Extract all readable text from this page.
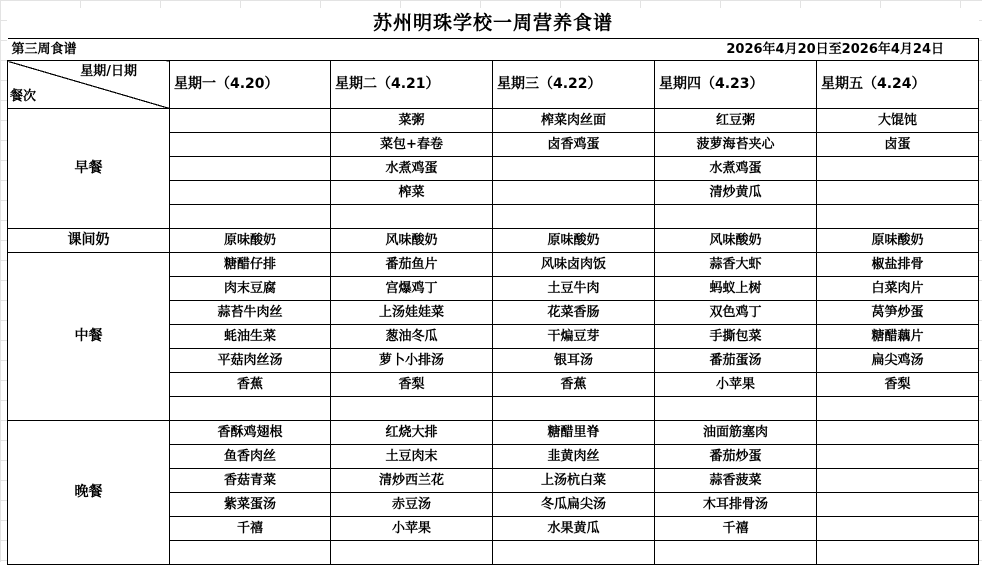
苏州明珠学校一周营养食谱					
第三周食谱		2026年4月20日至2026年4月24日			

星期/日期
餐次	星期一（4.20）	星期二（4.21）	星期三（4.22）	星期四（4.23）	星期五（4.24）
早餐		菜粥	榨菜肉丝面	红豆粥	大馄饨
		菜包+春卷	卤香鸡蛋	菠萝海苔夹心	卤蛋
		水煮鸡蛋		水煮鸡蛋	
		榨菜		清炒黄瓜	

课间奶	原味酸奶	风味酸奶	原味酸奶	风味酸奶	原味酸奶
中餐	糖醋仔排	番茄鱼片	风味卤肉饭	蒜香大虾	椒盐排骨
	肉末豆腐	宫爆鸡丁	土豆牛肉	蚂蚁上树	白菜肉片
	蒜苔牛肉丝	上汤娃娃菜	花菜香肠	双色鸡丁	莴笋炒蛋
	蚝油生菜	葱油冬瓜	干煸豆芽	手撕包菜	糖醋藕片
	平菇肉丝汤	萝卜小排汤	银耳汤	番茄蛋汤	扁尖鸡汤
	香蕉	香梨	香蕉	小苹果	香梨

晚餐	香酥鸡翅根	红烧大排	糖醋里脊	油面筋塞肉	
	鱼香肉丝	土豆肉末	韭黄肉丝	番茄炒蛋	
	香菇青菜	清炒西兰花	上汤杭白菜	蒜香菠菜	
	紫菜蛋汤	赤豆汤	冬瓜扁尖汤	木耳排骨汤	
	千禧	小苹果	水果黄瓜	千禧	
